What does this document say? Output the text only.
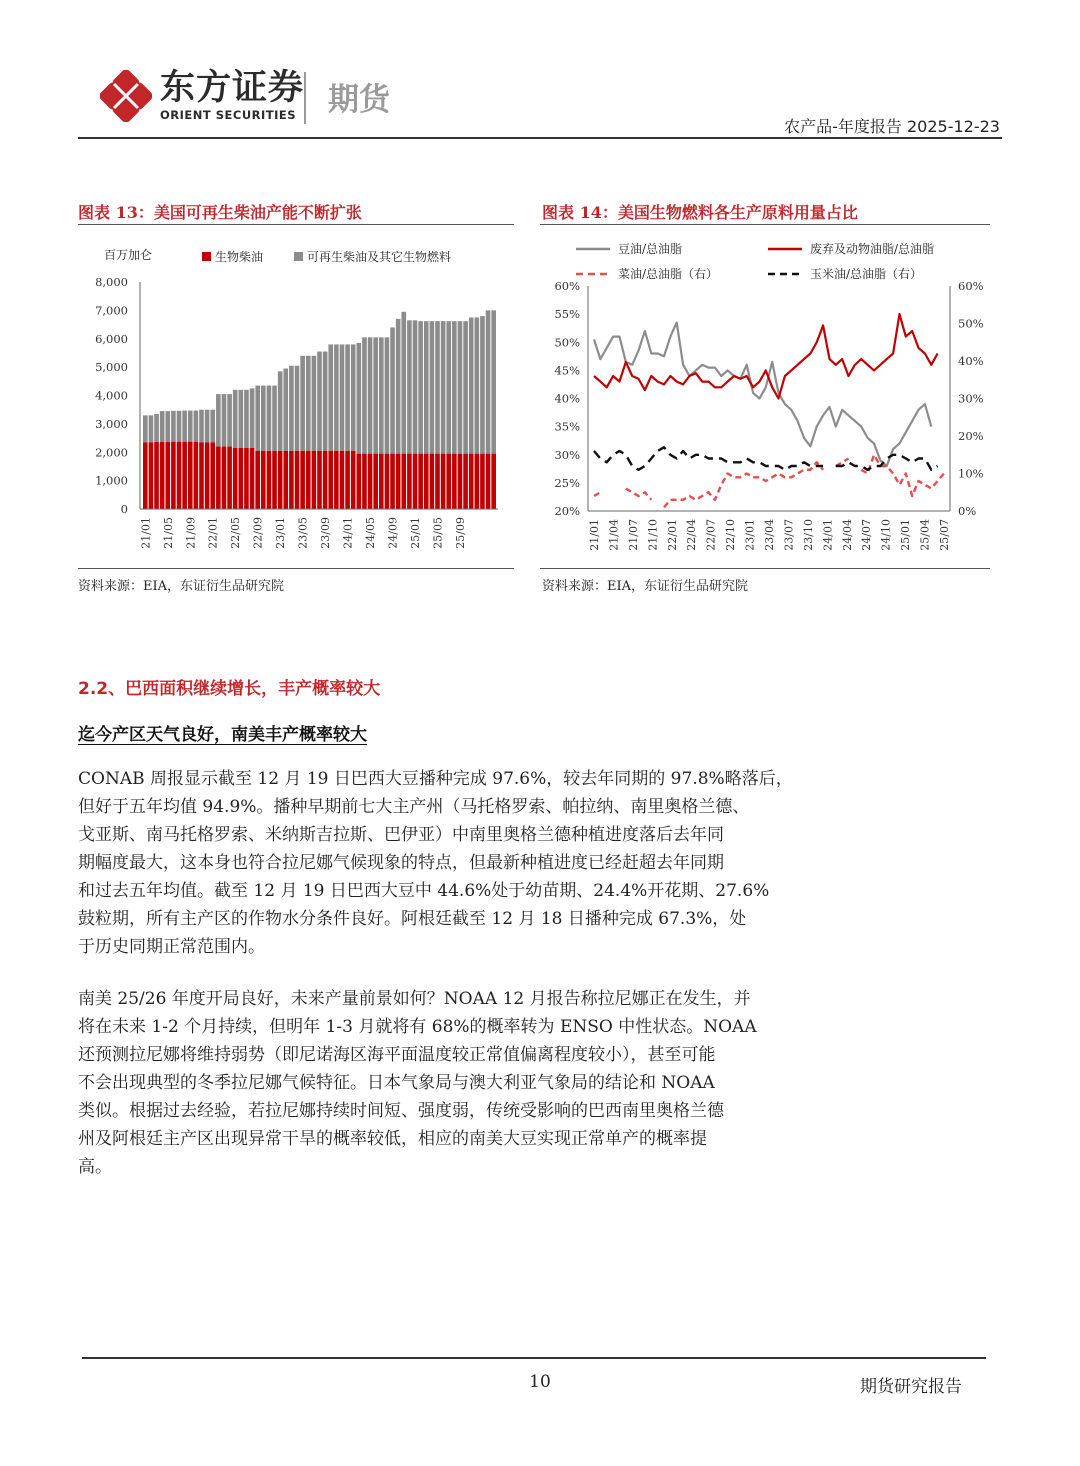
东方证券
ORIENT SECURITIES 期货
农产品-年度报告 2025-12-23
图表 13：美国可再生柴油产能不断扩张
百万加仑	生物柴油	可再生柴油及其它生物燃料
0
1,000
2,000
3,000
4,000
5,000
6,000
7,000
8,000
21/01 21/05 21/09 22/01 22/05 22/09 23/01 23/05 23/09 24/01 24/05 24/09 25/01 25/05 25/09
资料来源：EIA，东证衍生品研究院
图表 14：美国生物燃料各生产原料用量占比
豆油/总油脂	废弃及动物油脂/总油脂
菜油/总油脂（右）	玉米油/总油脂（右）
20%
25%
30%
35%
40%
45%
50%
55%
60%
0%
10%
20%
30%
40%
50%
60%
21/01 21/04 21/07 21/10 22/01 22/04 22/07 22/10 23/01 23/04 23/07 23/10 24/01 24/04 24/07 24/10 25/01 25/04 25/07
资料来源：EIA，东证衍生品研究院
2.2、巴西面积继续增长，丰产概率较大
迄今产区天气良好，南美丰产概率较大
CONAB 周报显示截至 12 月 19 日巴西大豆播种完成 97.6%，较去年同期的 97.8%略落后，
但好于五年均值 94.9%。播种早期前七大主产州（马托格罗索、帕拉纳、南里奥格兰德、
戈亚斯、南马托格罗索、米纳斯吉拉斯、巴伊亚）中南里奥格兰德种植进度落后去年同
期幅度最大，这本身也符合拉尼娜气候现象的特点，但最新种植进度已经赶超去年同期
和过去五年均值。截至 12 月 19 日巴西大豆中 44.6%处于幼苗期、24.4%开花期、27.6%
鼓粒期，所有主产区的作物水分条件良好。阿根廷截至 12 月 18 日播种完成 67.3%，处
于历史同期正常范围内。
南美 25/26 年度开局良好，未来产量前景如何？NOAA 12 月报告称拉尼娜正在发生，并
将在未来 1-2 个月持续，但明年 1-3 月就将有 68%的概率转为 ENSO 中性状态。NOAA
还预测拉尼娜将维持弱势（即尼诺海区海平面温度较正常值偏离程度较小），甚至可能
不会出现典型的冬季拉尼娜气候特征。日本气象局与澳大利亚气象局的结论和 NOAA
类似。根据过去经验，若拉尼娜持续时间短、强度弱，传统受影响的巴西南里奥格兰德
州及阿根廷主产区出现异常干旱的概率较低，相应的南美大豆实现正常单产的概率提
高。
10	期货研究报告
